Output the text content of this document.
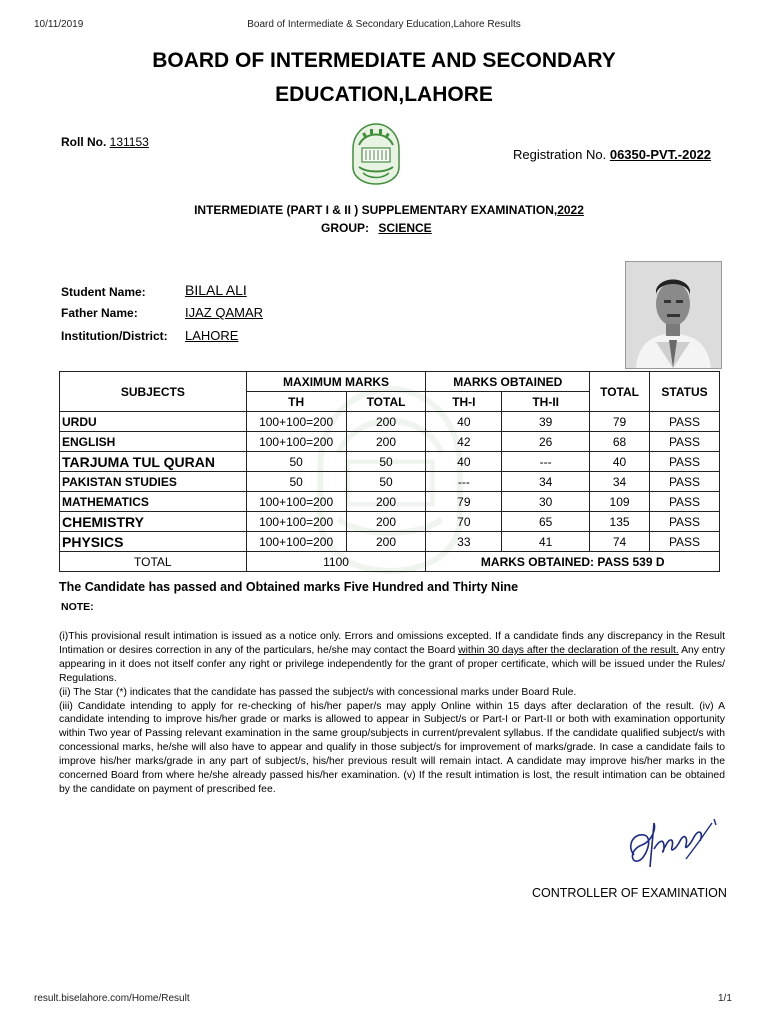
10/11/2019	Board of Intermediate & Secondary Education,Lahore Results
BOARD OF INTERMEDIATE AND SECONDARY
EDUCATION,LAHORE
Roll No. 131153
Registration No. 06350-PVT.-2022
INTERMEDIATE (PART I & II ) SUPPLEMENTARY EXAMINATION,2022
GROUP: SCIENCE
Student Name:	BILAL ALI
Father Name:	IJAZ QAMAR
Institution/District: LAHORE
SUBJECTS	MAXIMUM MARKS		MARKS OBTAINED		TOTAL	STATUS
	TH	TOTAL	TH-I	TH-II		
URDU	100+100=200	200	40	39	79	PASS
ENGLISH	100+100=200	200	42	26	68	PASS
TARJUMA TUL QURAN	50	50	40	---	40	PASS
PAKISTAN STUDIES	50	50	---	34	34	PASS
MATHEMATICS	100+100=200	200	79	30	109	PASS
CHEMISTRY	100+100=200	200	70	65	135	PASS
PHYSICS	100+100=200	200	33	41	74	PASS
TOTAL	1100		MARKS OBTAINED: PASS 539 D			
The Candidate has passed and Obtained marks Five Hundred and Thirty Nine
NOTE:
(i)This provisional result intimation is issued as a notice only. Errors and omissions excepted. If a candidate finds any discrepancy in the Result Intimation or desires correction in any of the particulars, he/she may contact the Board within 30 days after the declaration of the result. Any entry appearing in it does not itself confer any right or privilege independently for the grant of proper certificate, which will be issued under the Rules/ Regulations.
(ii) The Star (*) indicates that the candidate has passed the subject/s with concessional marks under Board Rule.
(iii) Candidate intending to apply for re-checking of his/her paper/s may apply Online within 15 days after declaration of the result. (iv) A candidate intending to improve his/her grade or marks is allowed to appear in Subject/s or Part-I or Part-II or both with examination opportunity within Two year of Passing relevant examination in the same group/subjects in current/prevalent syllabus. If the candidate qualified subject/s with concessional marks, he/she will also have to appear and qualify in those subject/s for improvement of marks/grade. In case a candidate fails to improve his/her marks/grade in any part of subject/s, his/her previous result will remain intact. A candidate may improve his/her marks in the concerned Board from where he/she already passed his/her examination. (v) If the result intimation is lost, the result intimation can be obtained by the candidate on payment of prescribed fee.
CONTROLLER OF EXAMINATION
result.biselahore.com/Home/Result	1/1
